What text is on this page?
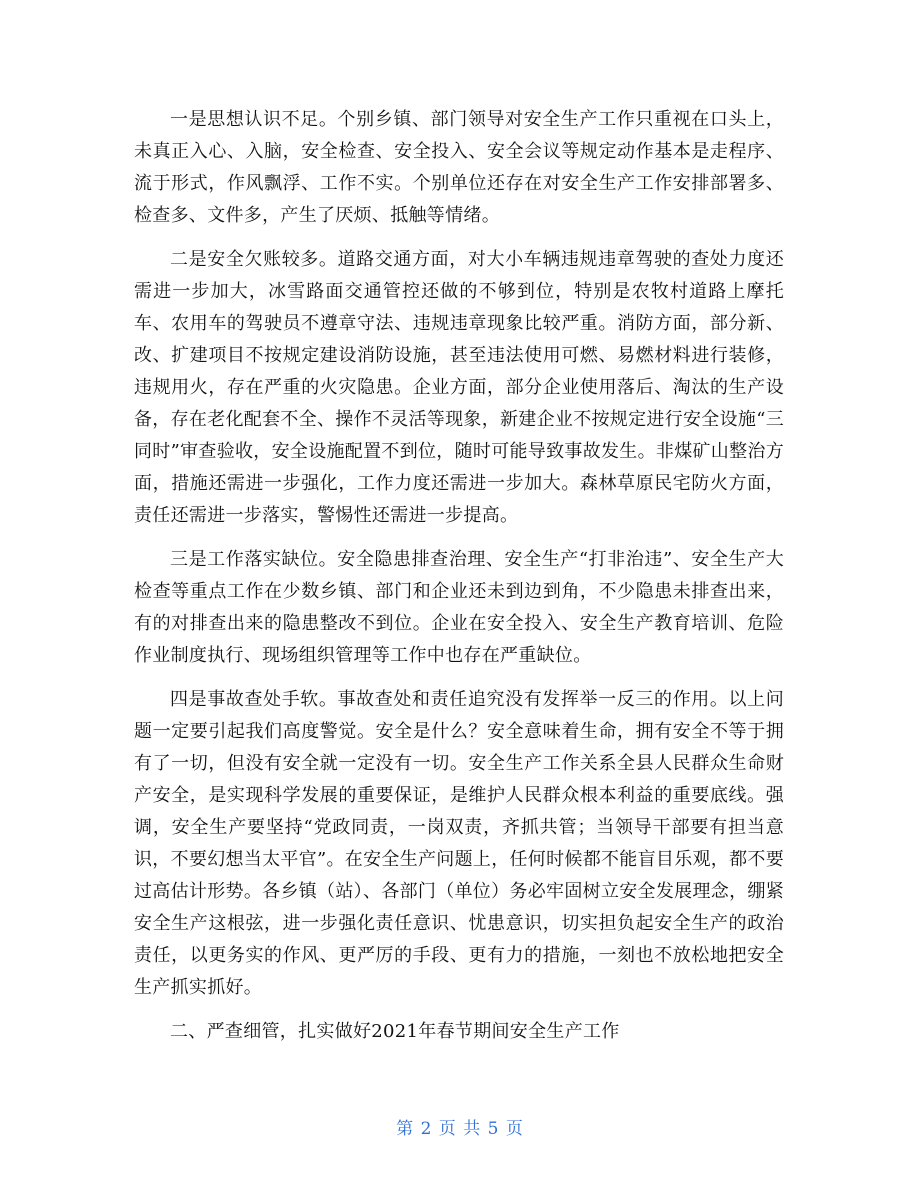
一是思想认识不足。个别乡镇、部门领导对安全生产工作只重视在口头上，未真正入心、入脑，安全检查、安全投入、安全会议等规定动作基本是走程序、流于形式，作风飘浮、工作不实。个别单位还存在对安全生产工作安排部署多、检查多、文件多，产生了厌烦、抵触等情绪。

二是安全欠账较多。道路交通方面，对大小车辆违规违章驾驶的查处力度还需进一步加大，冰雪路面交通管控还做的不够到位，特别是农牧村道路上摩托车、农用车的驾驶员不遵章守法、违规违章现象比较严重。消防方面，部分新、改、扩建项目不按规定建设消防设施，甚至违法使用可燃、易燃材料进行装修，违规用火，存在严重的火灾隐患。企业方面，部分企业使用落后、淘汰的生产设备，存在老化配套不全、操作不灵活等现象，新建企业不按规定进行安全设施“三同时”审查验收，安全设施配置不到位，随时可能导致事故发生。非煤矿山整治方面，措施还需进一步强化，工作力度还需进一步加大。森林草原民宅防火方面，责任还需进一步落实，警惕性还需进一步提高。

三是工作落实缺位。安全隐患排查治理、安全生产“打非治违”、安全生产大检查等重点工作在少数乡镇、部门和企业还未到边到角，不少隐患未排查出来，有的对排查出来的隐患整改不到位。企业在安全投入、安全生产教育培训、危险作业制度执行、现场组织管理等工作中也存在严重缺位。

四是事故查处手软。事故查处和责任追究没有发挥举一反三的作用。以上问题一定要引起我们高度警觉。安全是什么？安全意味着生命，拥有安全不等于拥有了一切，但没有安全就一定没有一切。安全生产工作关系全县人民群众生命财产安全，是实现科学发展的重要保证，是维护人民群众根本利益的重要底线。强调，安全生产要坚持“党政同责，一岗双责，齐抓共管；当领导干部要有担当意识，不要幻想当太平官”。在安全生产问题上，任何时候都不能盲目乐观，都不要过高估计形势。各乡镇（站）、各部门（单位）务必牢固树立安全发展理念，绷紧安全生产这根弦，进一步强化责任意识、忧患意识，切实担负起安全生产的政治责任，以更务实的作风、更严厉的手段、更有力的措施，一刻也不放松地把安全生产抓实抓好。

二、严查细管，扎实做好2021年春节期间安全生产工作

第 2 页 共 5 页
